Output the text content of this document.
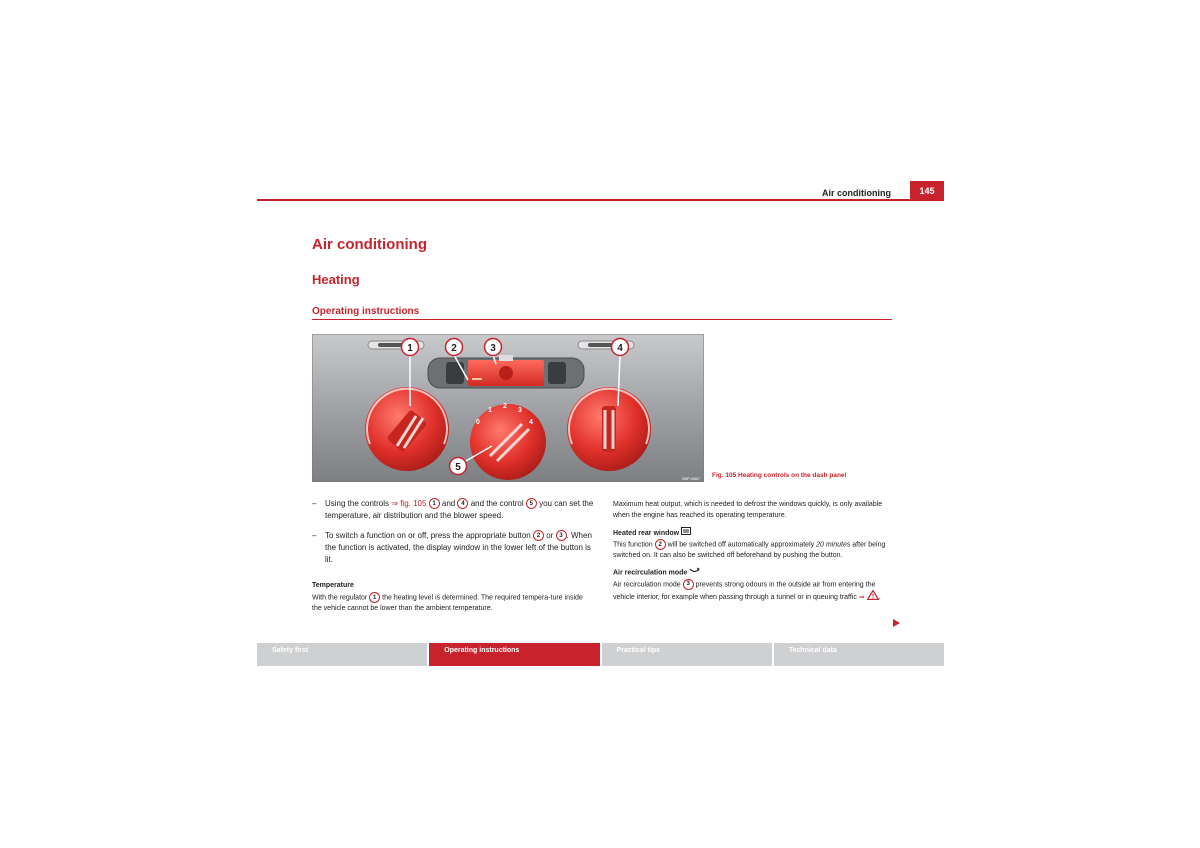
Air conditioning	145
Air conditioning
Heating
Operating instructions
0
1
2
3
4
1	2	3	4
5
B5P-0667 Fig. 105 Heating controls on the dash panel
– Using the controls ⇒ fig. 105 1 and 4 and the control 5 you can set the temperature, air distribution and the blower speed.
– To switch a function on or off, press the appropriate button 2 or 3 . When the function is activated, the display window in the lower left of the button is lit.
Temperature
With the regulator 1 the heating level is determined. The required tempera-ture inside the vehicle cannot be lower than the ambient temperature.
Maximum heat output, which is needed to defrost the windows quickly, is only available when the engine has reached its operating temperature.
Heated rear window
This function 2 will be switched off automatically approximately 20 minutes after being switched on. It can also be switched off beforehand by pushing the button.
Air recirculation mode
Air recirculation mode 3 prevents strong odours in the outside air from entering the vehicle interior, for example when passing through a tunnel or in queuing traffic ⇒ .
Safety first	Operating instructions	Practical tips	Technical data
